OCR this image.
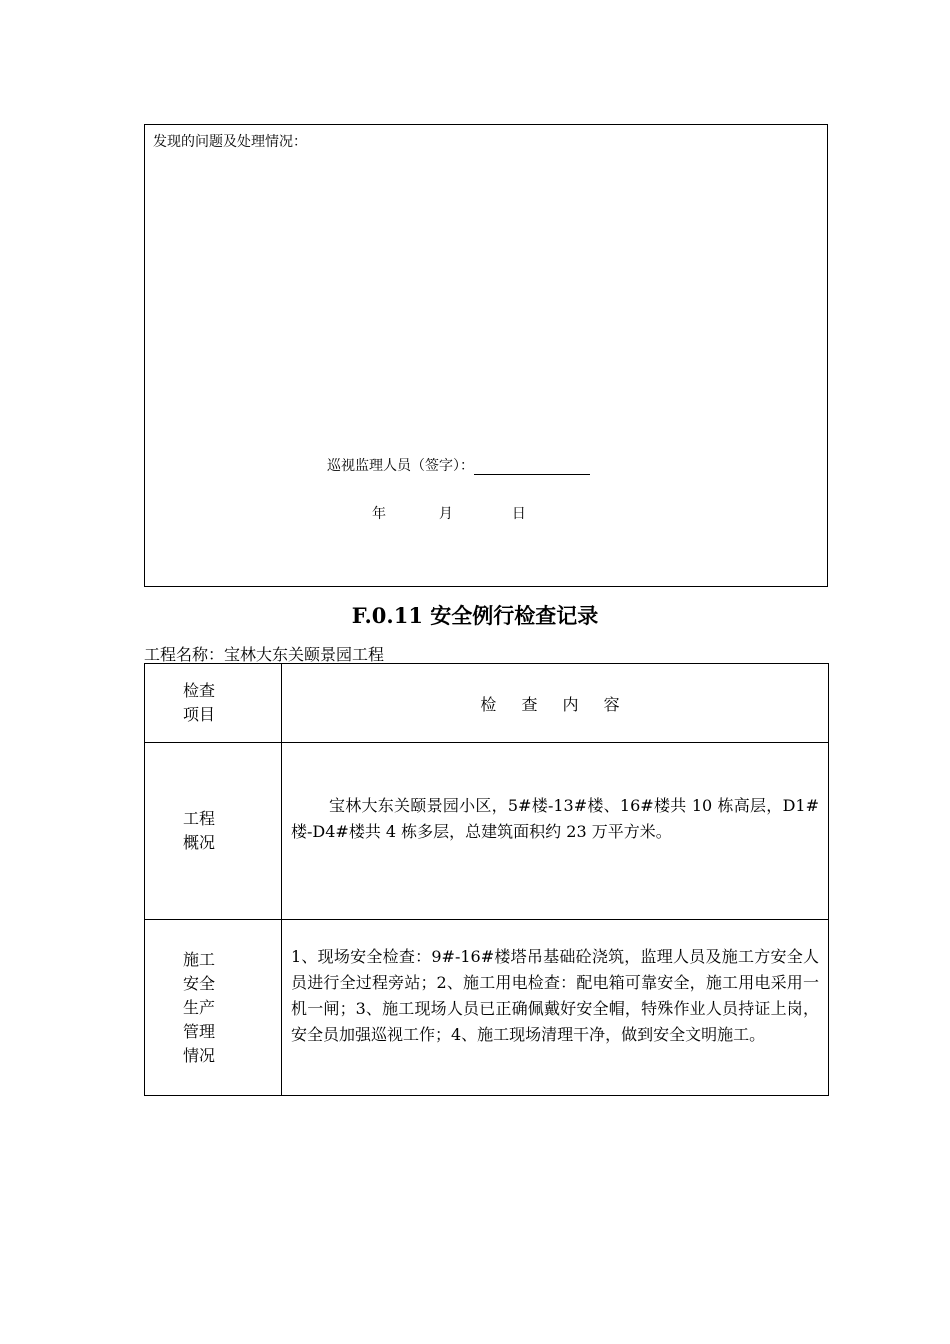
发现的问题及处理情况：
巡视监理人员（签字）：
年	月	日
F.0.11 安全例行检查记录
工程名称：宝林大东关颐景园工程
检查
项目	检 查 内 容

工程
概况	宝林大东关颐景园小区，5#楼-13#楼、16#楼共 10 栋高层，D1#楼-D4#楼共 4 栋多层，总建筑面积约 23 万平方米。

施工
安全
生产
管理
情况	1、现场安全检查：9#-16#楼塔吊基础砼浇筑，监理人员及施工方安全人员进行全过程旁站；2、施工用电检查：配电箱可靠安全，施工用电采用一机一闸；3、施工现场人员已正确佩戴好安全帽，特殊作业人员持证上岗，安全员加强巡视工作；4、施工现场清理干净，做到安全文明施工。
